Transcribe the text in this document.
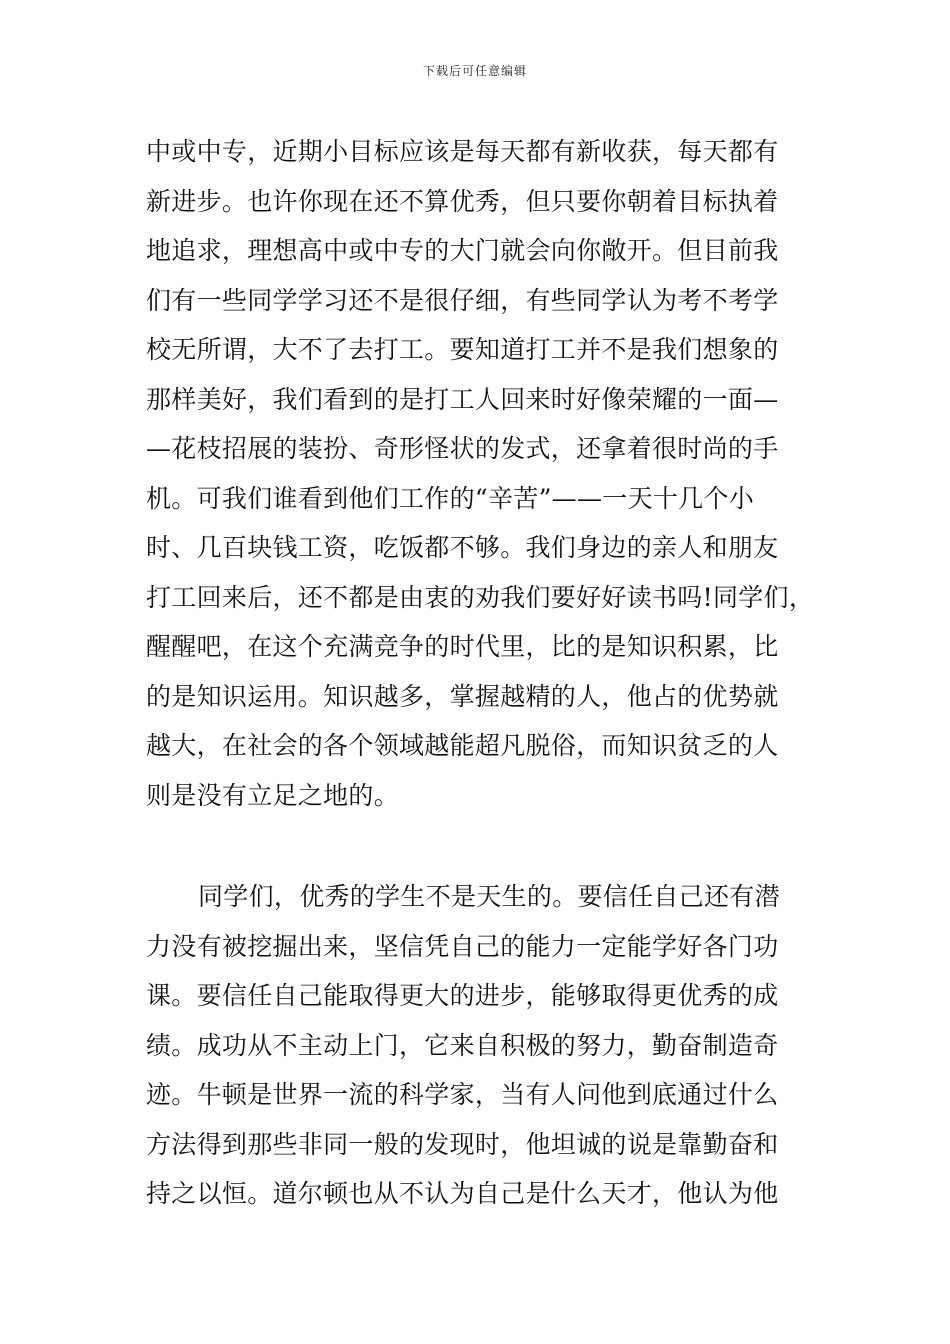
下载后可任意编辑
中或中专，近期小目标应该是每天都有新收获，每天都有
新进步。也许你现在还不算优秀，但只要你朝着目标执着
地追求，理想高中或中专的大门就会向你敞开。但目前我
们有一些同学学习还不是很仔细，有些同学认为考不考学
校无所谓，大不了去打工。要知道打工并不是我们想象的
那样美好，我们看到的是打工人回来时好像荣耀的一面—
—花枝招展的装扮、奇形怪状的发式，还拿着很时尚的手
机。可我们谁看到他们工作的“辛苦”——一天十几个小
时、几百块钱工资，吃饭都不够。我们身边的亲人和朋友
打工回来后，还不都是由衷的劝我们要好好读书吗!同学们，
醒醒吧，在这个充满竞争的时代里，比的是知识积累，比
的是知识运用。知识越多，掌握越精的人，他占的优势就
越大，在社会的各个领域越能超凡脱俗，而知识贫乏的人
则是没有立足之地的。
同学们，优秀的学生不是天生的。要信任自己还有潜
力没有被挖掘出来，坚信凭自己的能力一定能学好各门功
课。要信任自己能取得更大的进步，能够取得更优秀的成
绩。成功从不主动上门，它来自积极的努力，勤奋制造奇
迹。牛顿是世界一流的科学家，当有人问他到底通过什么
方法得到那些非同一般的发现时，他坦诚的说是靠勤奋和
持之以恒。道尔顿也从不认为自己是什么天才，他认为他
